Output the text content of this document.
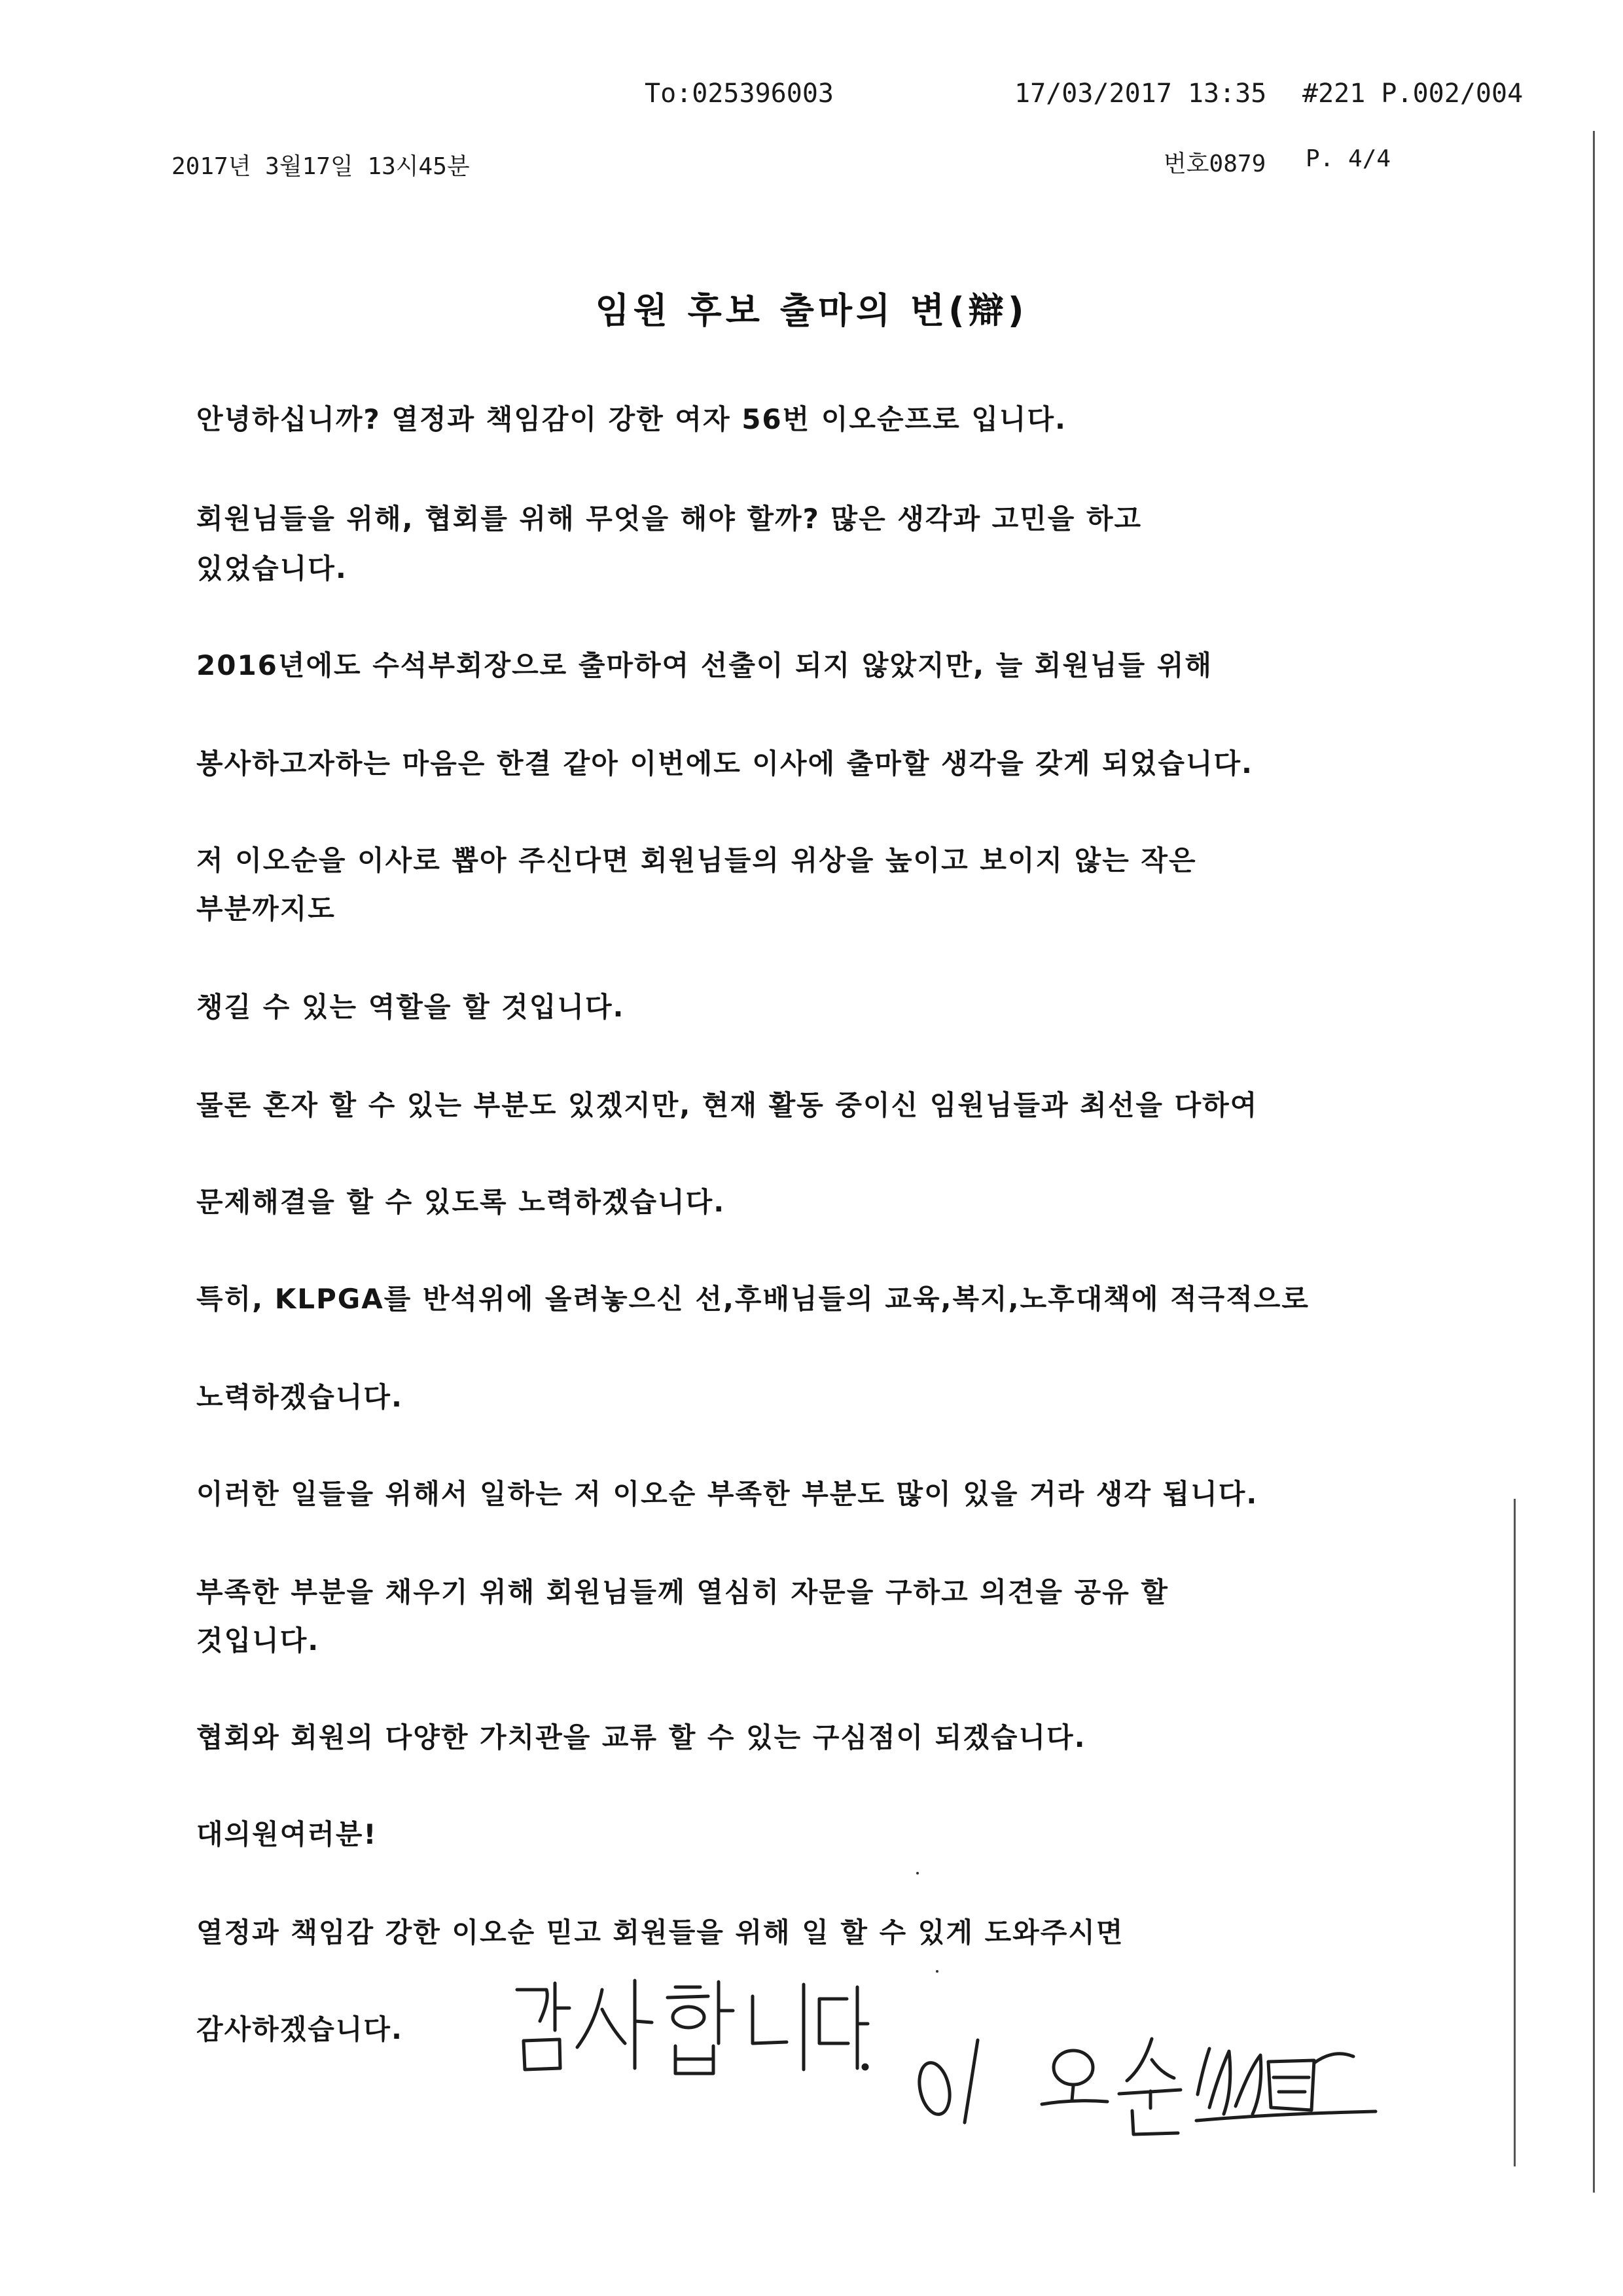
To:025396003	17/03/2017 13:35 #221 P.002/004
2017년 3월17일 13시45분	번호0879 P. 4/4
임원 후보 출마의 변(辯)
안녕하십니까? 열정과 책임감이 강한 여자 56번 이오순프로 입니다.
회원님들을 위해, 협회를 위해 무엇을 해야 할까? 많은 생각과 고민을 하고
있었습니다.
2016년에도 수석부회장으로 출마하여 선출이 되지 않았지만, 늘 회원님들 위해
봉사하고자하는 마음은 한결 같아 이번에도 이사에 출마할 생각을 갖게 되었습니다.
저 이오순을 이사로 뽑아 주신다면 회원님들의 위상을 높이고 보이지 않는 작은
부분까지도
챙길 수 있는 역할을 할 것입니다.
물론 혼자 할 수 있는 부분도 있겠지만, 현재 활동 중이신 임원님들과 최선을 다하여
문제해결을 할 수 있도록 노력하겠습니다.
특히, KLPGA를 반석위에 올려놓으신 선,후배님들의 교육,복지,노후대책에 적극적으로
노력하겠습니다.
이러한 일들을 위해서 일하는 저 이오순 부족한 부분도 많이 있을 거라 생각 됩니다.
부족한 부분을 채우기 위해 회원님들께 열심히 자문을 구하고 의견을 공유 할
것입니다.
협회와 회원의 다양한 가치관을 교류 할 수 있는 구심점이 되겠습니다.
대의원여러분!
열정과 책임감 강한 이오순 믿고 회원들을 위해 일 할 수 있게 도와주시면
감사하겠습니다.
